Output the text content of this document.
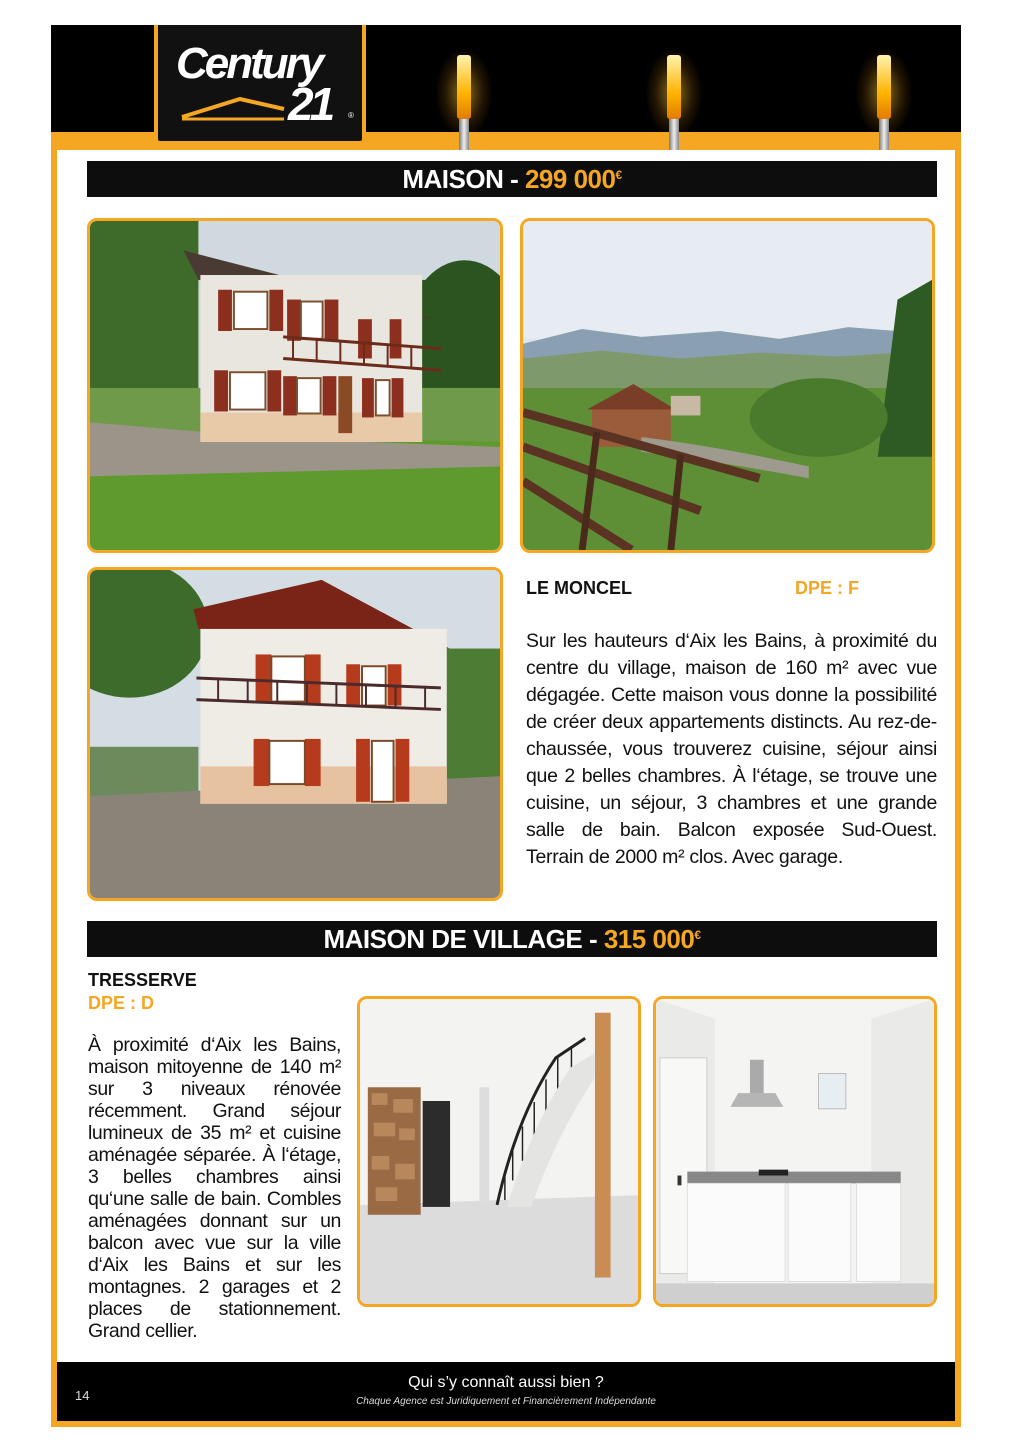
Century
21 ®
MAISON - 299 000€
LE MONCEL	DPE : F
Sur les hauteurs d‘Aix les Bains, à proximité du centre du village, maison de 160 m² avec vue dégagée. Cette maison vous donne la possibilité de créer deux appartements distincts. Au rez-de-chaussée, vous trouverez cuisine, séjour ainsi que 2 belles chambres. À l‘étage, se trouve une cuisine, un séjour, 3 chambres et une grande salle de bain. Balcon exposée Sud-Ouest. Terrain de 2000 m² clos. Avec garage.
MAISON DE VILLAGE - 315 000€
TRESSERVE
DPE : D
À proximité d‘Aix les Bains, maison mitoyenne de 140 m² sur 3 niveaux rénovée récemment. Grand séjour lumineux de 35 m² et cuisine aménagée séparée. À l‘étage, 3 belles chambres ainsi qu‘une salle de bain. Combles aménagées donnant sur un balcon avec vue sur la ville d‘Aix les Bains et sur les montagnes. 2 garages et 2 places de stationnement. Grand cellier.
14
Qui s’y connaît aussi bien ?
Chaque Agence est Juridiquement et Financièrement Indépendante
